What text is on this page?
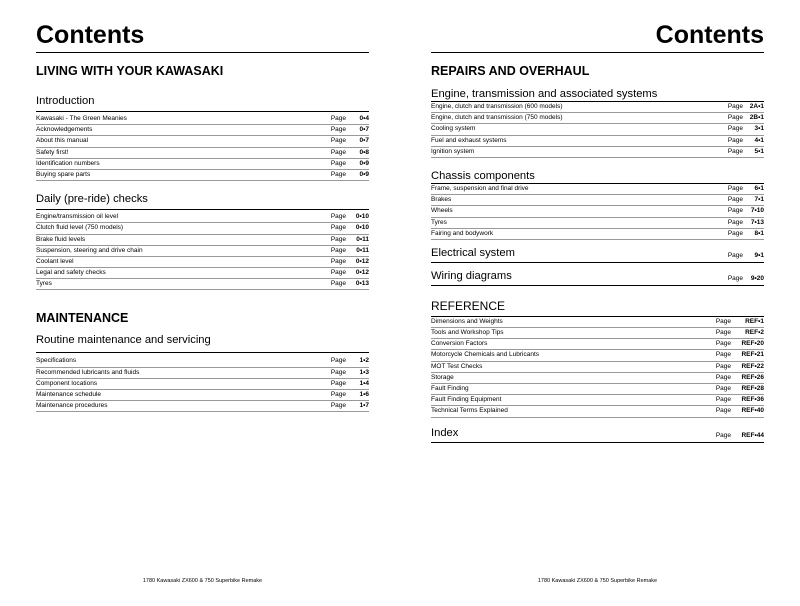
Contents
LIVING WITH YOUR KAWASAKI
Introduction
Kawasaki - The Green Meanies	Page 0•4
Acknowledgements	Page 0•7
About this manual	Page 0•7
Safety first!	Page 0•8
Identification numbers	Page 0•9
Buying spare parts	Page 0•9
Daily (pre-ride) checks
Engine/transmission oil level	Page 0•10
Clutch fluid level (750 models)	Page 0•10
Brake fluid levels	Page 0•11
Suspension, steering and drive chain	Page 0•11
Coolant level	Page 0•12
Legal and safety checks	Page 0•12
Tyres	Page 0•13
MAINTENANCE
Routine maintenance and servicing
Specifications	Page 1•2
Recommended lubricants and fluids	Page 1•3
Component locations	Page 1•4
Maintenance schedule	Page 1•6
Maintenance procedures	Page 1•7
1780 Kawasaki ZX600 & 750 Superbike Remake
Contents
REPAIRS AND OVERHAUL
Engine, transmission and associated systems
Engine, clutch and transmission (600 models)	Page 2A•1
Engine, clutch and transmission (750 models)	Page 2B•1
Cooling system	Page 3•1
Fuel and exhaust systems	Page 4•1
Ignition system	Page 5•1
Chassis components
Frame, suspension and final drive	Page 6•1
Brakes	Page 7•1
Wheels	Page 7•10
Tyres	Page 7•13
Fairing and bodywork	Page 8•1
Electrical system	Page 9•1
Wiring diagrams	Page 9•20
REFERENCE
Dimensions and Weights	Page REF•1
Tools and Workshop Tips	Page REF•2
Conversion Factors	Page REF•20
Motorcycle Chemicals and Lubricants	Page REF•21
MOT Test Checks	Page REF•22
Storage	Page REF•26
Fault Finding	Page REF•28
Fault Finding Equipment	Page REF•36
Technical Terms Explained	Page REF•40
Index	Page REF•44
1780 Kawasaki ZX600 & 750 Superbike Remake
